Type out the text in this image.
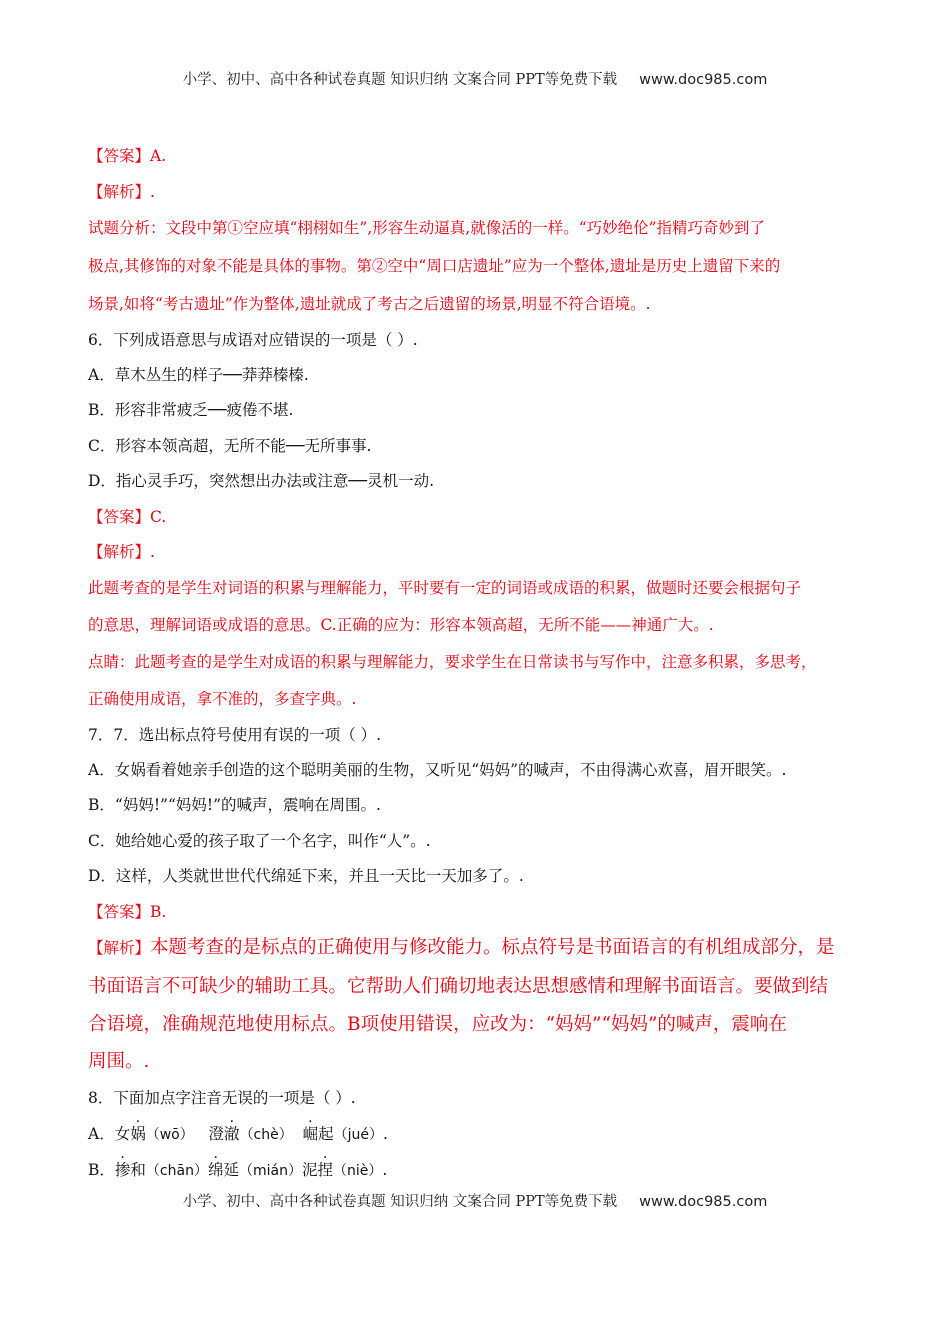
小学、初中、高中各种试卷真题 知识归纳 文案合同 PPT等免费下载 www.doc985.com
【答案】A.
【解析】.
试题分析：文段中第①空应填“栩栩如生”,形容生动逼真,就像活的一样。“巧妙绝伦”指精巧奇妙到了
极点,其修饰的对象不能是具体的事物。第②空中“周口店遗址”应为一个整体,遗址是历史上遗留下来的
场景,如将“考古遗址”作为整体,遗址就成了考古之后遗留的场景,明显不符合语境。.
6．下列成语意思与成语对应错误的一项是（ ）.
A．草木丛生的样子──莽莽榛榛.
B．形容非常疲乏──疲倦不堪.
C．形容本领高超，无所不能──无所事事.
D．指心灵手巧，突然想出办法或注意──灵机一动.
【答案】C.
【解析】.
此题考查的是学生对词语的积累与理解能力，平时要有一定的词语或成语的积累，做题时还要会根据句子
的意思，理解词语或成语的意思。C.正确的应为：形容本领高超，无所不能——神通广大。.
点睛：此题考查的是学生对成语的积累与理解能力，要求学生在日常读书与写作中，注意多积累，多思考，
正确使用成语，拿不准的，多查字典。.
7．7．选出标点符号使用有误的一项（ ）.
A．女娲看着她亲手创造的这个聪明美丽的生物，又听见“妈妈”的喊声，不由得满心欢喜，眉开眼笑。.
B．“妈妈!”“妈妈!”的喊声，震响在周围。.
C．她给她心爱的孩子取了一个名字，叫作“人”。.
D．这样，人类就世世代代绵延下来，并且一天比一天加多了。.
【答案】B.
【解析】本题考查的是标点的正确使用与修改能力。标点符号是书面语言的有机组成部分，是
书面语言不可缺少的辅助工具。它帮助人们确切地表达思想感情和理解书面语言。要做到结
合语境，准确规范地使用标点。B项使用错误，应改为：“妈妈”“妈妈”的喊声，震响在
周围。.
8．下面加点字注音无误的一项是（ ）.
A．女娲（wō） 澄澈（chè） 崛起（jué）.
B．掺和（chān）绵延（mián）泥捏（niè）.
小学、初中、高中各种试卷真题 知识归纳 文案合同 PPT等免费下载 www.doc985.com
